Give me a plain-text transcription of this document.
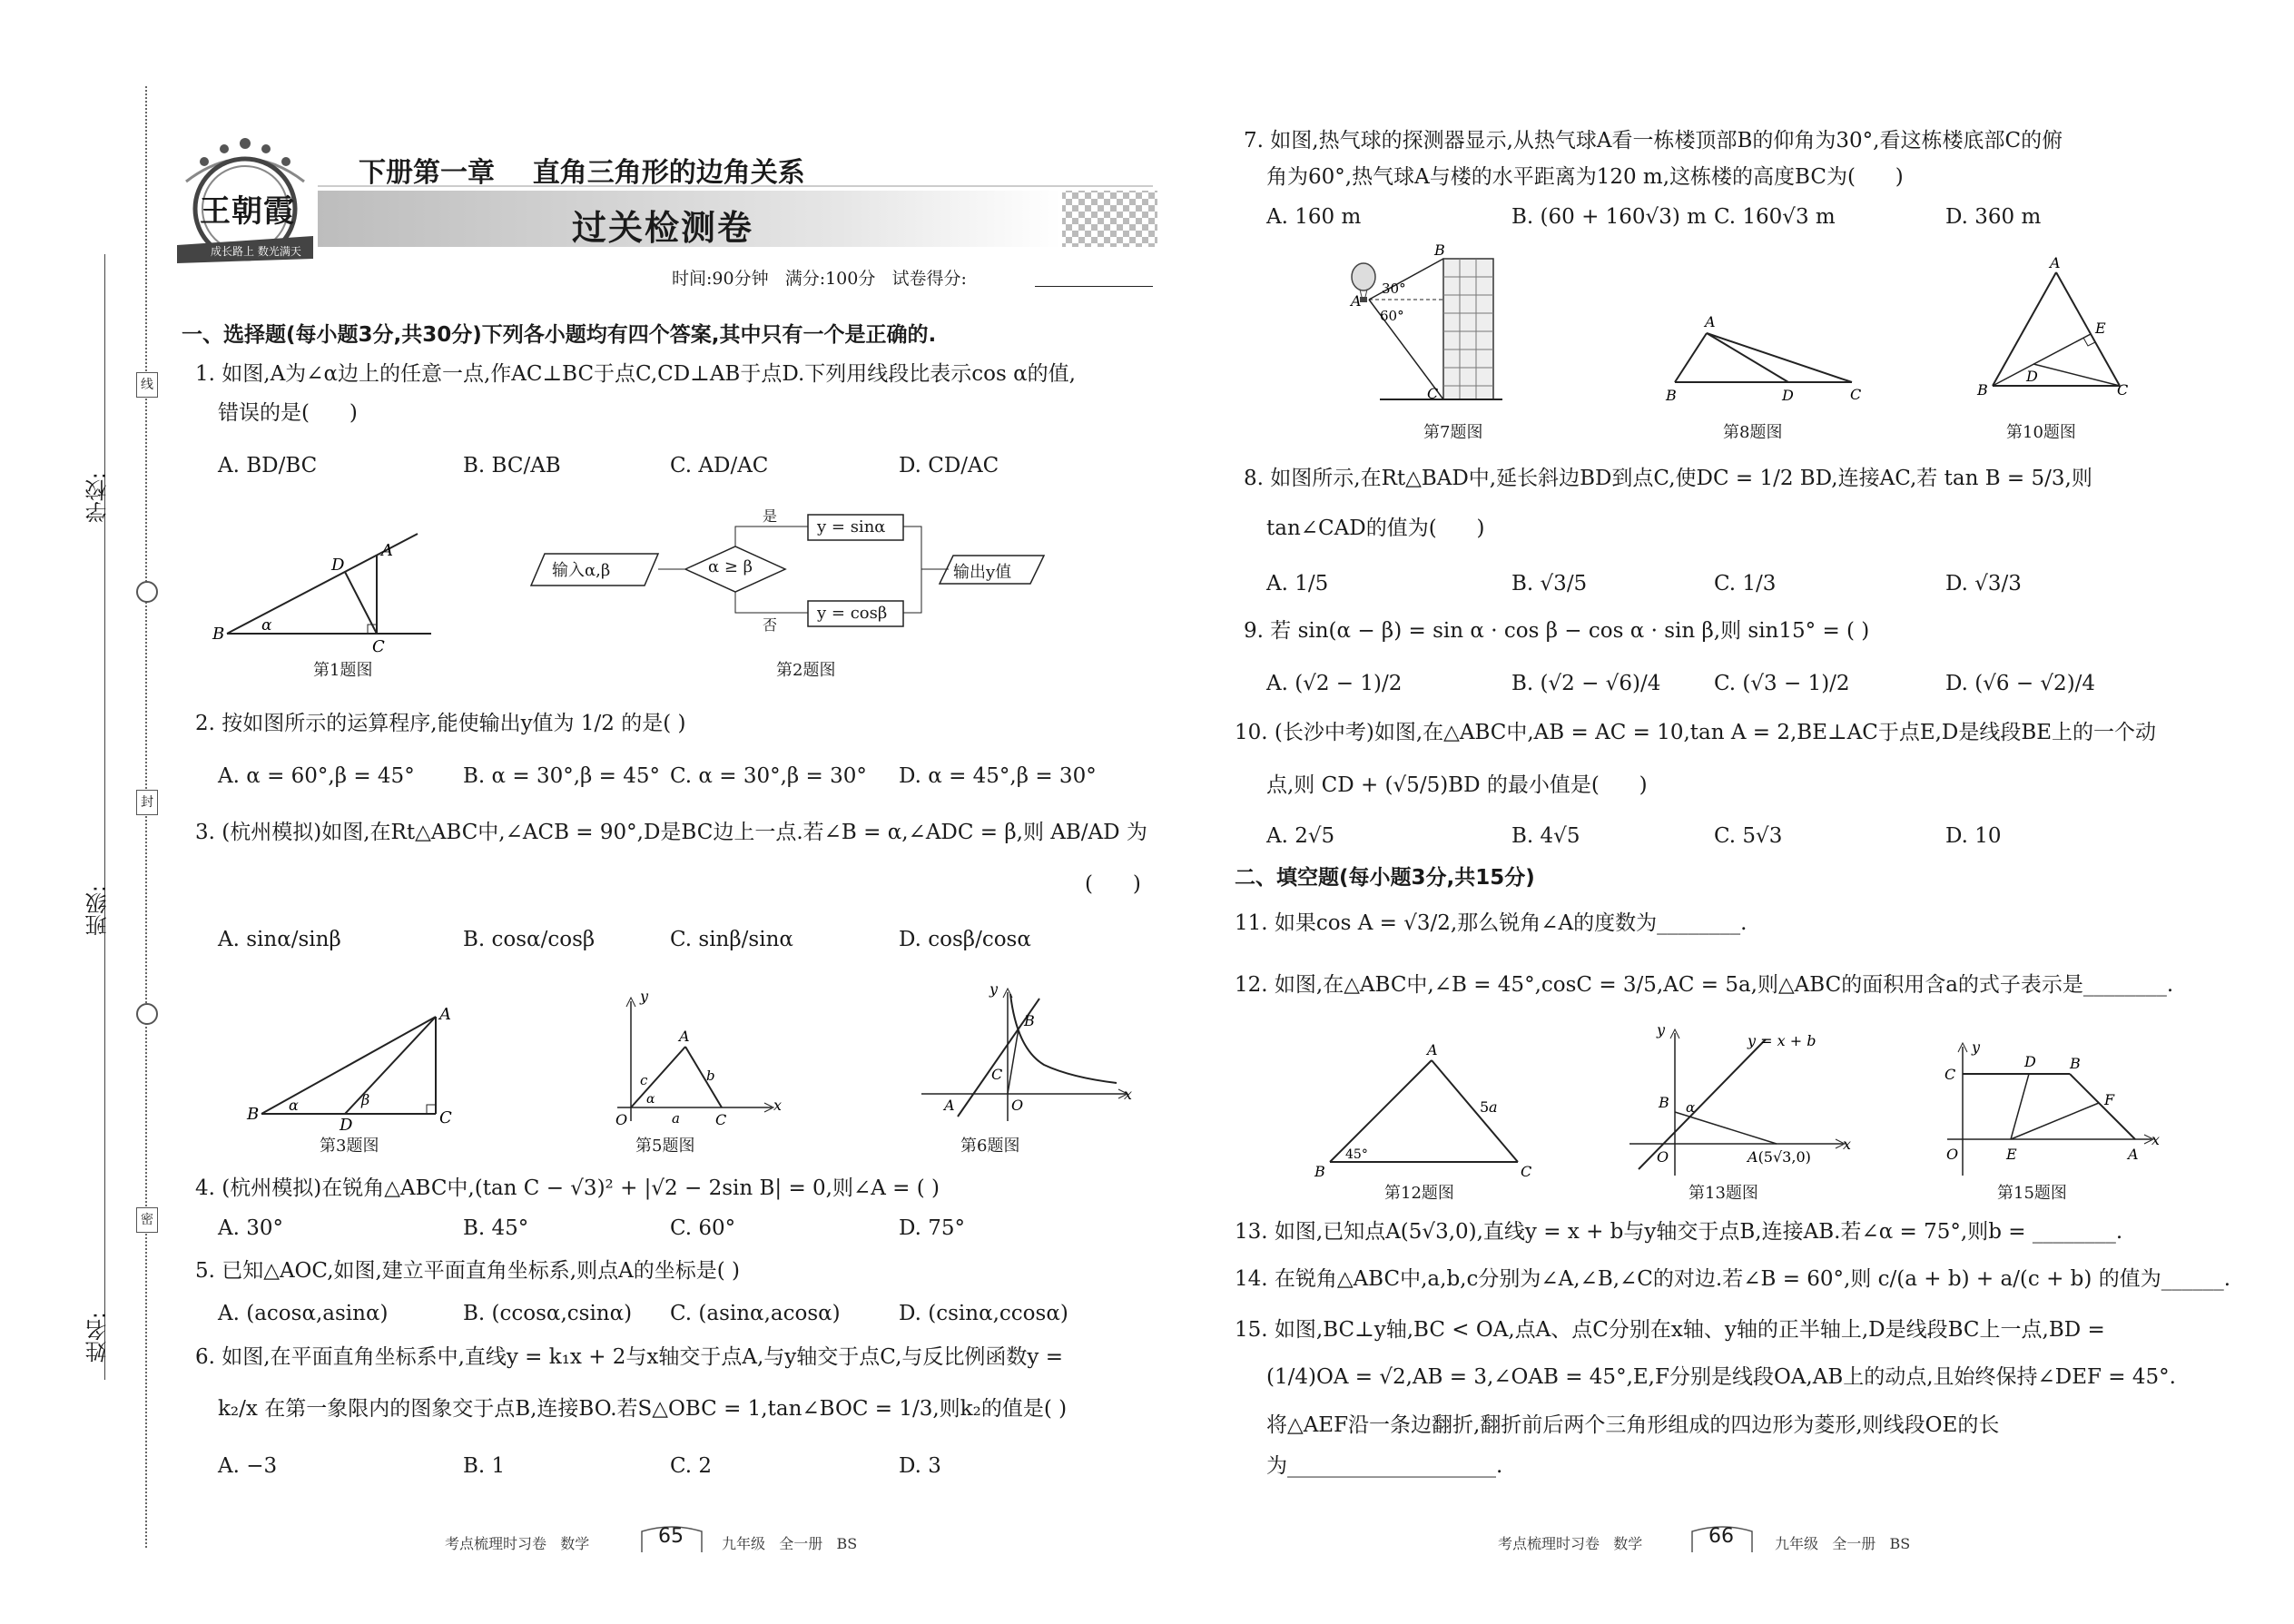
线
封
密
学校:
班级:
姓名:
王朝霞
成长路上 数光满天
下册第一章    直角三角形的边角关系
过关检测卷
时间:90分钟   满分:100分   试卷得分:
一、选择题(每小题3分,共30分)下列各小题均有四个答案,其中只有一个是正确的.
1. 如图,A为∠α边上的任意一点,作AC⊥BC于点C,CD⊥AB于点D.下列用线段比表示cos α的值,
错误的是(      )
A. BD/BC	B. BC/AB	C. AD/AC	D. CD/AC
B
A
D
C
α
第1题图
输入α,β	α ≥ β
是
否
y = sinα
y = cosβ
输出y值
第2题图
2. 按如图所示的运算程序,能使输出y值为 1/2 的是( )
A. α = 60°,β = 45° B. α = 30°,β = 45° C. α = 30°,β = 30° D. α = 45°,β = 30°
3. (杭州模拟)如图,在Rt△ABC中,∠ACB = 90°,D是BC边上一点.若∠B = α,∠ADC = β,则 AB/AD 为
(      )
A. sinα/sinβ	B. cosα/cosβ	C. sinβ/sinα	D. cosβ/cosα
B
A
D	C
α	β
第3题图
y
x
O
A
C
c	b
a
α
第5题图
y
x
C
B
A	O
第6题图
4. (杭州模拟)在锐角△ABC中,(tan C − √3)² + |√2 − 2sin B| = 0,则∠A = ( )
A. 30°	B. 45°	C. 60°	D. 75°
5. 已知△AOC,如图,建立平面直角坐标系,则点A的坐标是( )
A. (acosα,asinα)	B. (ccosα,csinα) C. (asinα,acosα)	D. (csinα,ccosα)
6. 如图,在平面直角坐标系中,直线y = k₁x + 2与x轴交于点A,与y轴交于点C,与反比例函数y =
k₂/x 在第一象限内的图象交于点B,连接BO.若S△OBC = 1,tan∠BOC = 1/3,则k₂的值是( )
A. −3	B. 1	C. 2	D. 3
考点梳理时习卷   数学	65	九年级   全一册   BS
7. 如图,热气球的探测器显示,从热气球A看一栋楼顶部B的仰角为30°,看这栋楼底部C的俯
角为60°,热气球A与楼的水平距离为120 m,这栋楼的高度BC为(      )
A. 160 m	B. (60 + 160√3) m C. 160√3 m	D. 360 m
B
A
C
30°
60°
第7题图
B
A
D	C
第8题图
A
E
D
B	C
第10题图
8. 如图所示,在Rt△BAD中,延长斜边BD到点C,使DC = 1/2 BD,连接AC,若 tan B = 5/3,则
tan∠CAD的值为(      )
A. 1/5	B. √3/5	C. 1/3	D. √3/3
9. 若 sin(α − β) = sin α · cos β − cos α · sin β,则 sin15° = ( )
A. (√2 − 1)/2	B. (√2 − √6)/4	C. (√3 − 1)/2	D. (√6 − √2)/4
10. (长沙中考)如图,在△ABC中,AB = AC = 10,tan A = 2,BE⊥AC于点E,D是线段BE上的一个动
点,则 CD + (√5/5)BD 的最小值是(      )
A. 2√5	B. 4√5	C. 5√3	D. 10
二、填空题(每小题3分,共15分)
11. 如果cos A = √3/2,那么锐角∠A的度数为________.
12. 如图,在△ABC中,∠B = 45°,cosC = 3/5,AC = 5a,则△ABC的面积用含a的式子表示是________.
B
A
C
45°
5 a
第12题图
y
x
O
B α
A(5√3,0)
y = x + b
第13题图
y
x
C
D B
F
O	E	A
第15题图
13. 如图,已知点A(5√3,0),直线y = x + b与y轴交于点B,连接AB.若∠α = 75°,则b = ________.
14. 在锐角△ABC中,a,b,c分别为∠A,∠B,∠C的对边.若∠B = 60°,则 c/(a + b) + a/(c + b) 的值为______.
15. 如图,BC⊥y轴,BC < OA,点A、点C分别在x轴、y轴的正半轴上,D是线段BC上一点,BD =
(1/4)OA = √2,AB = 3,∠OAB = 45°,E,F分别是线段OA,AB上的动点,且始终保持∠DEF = 45°.
将△AEF沿一条边翻折,翻折前后两个三角形组成的四边形为菱形,则线段OE的长
为____________________.
考点梳理时习卷   数学	66	九年级   全一册   BS
